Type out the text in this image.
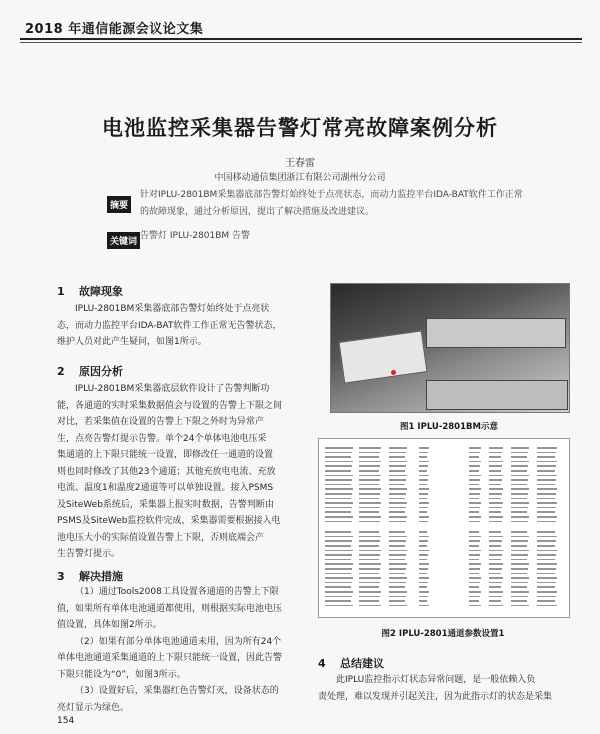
2018 年通信能源会议论文集
电池监控采集器告警灯常亮故障案例分析
王春雷
中国移动通信集团浙江有限公司湖州分公司
摘要
针对IPLU-2801BM采集器底部告警灯始终处于点亮状态，而动力监控平台IDA-BAT软件工作正常
的故障现象，通过分析原因，提出了解决措施及改进建议。
关键词
告警灯 IPLU-2801BM 告警
1 故障现象
IPLU-2801BM采集器底部告警灯始终处于点亮状
态，而动力监控平台IDA-BAT软件工作正常无告警状态，
维护人员对此产生疑问，如图1所示。
2 原因分析
IPLU-2801BM采集器底层软件设计了告警判断功
能，各通道的实时采集数据值会与设置的告警上下限之间
对比，若采集值在设置的告警上下限之外时为异常产
生，点亮告警灯提示告警。单个24个单体电池电压采
集通道的上下限只能统一设置，即修改任一通道的设置
则也同时修改了其他23个通道；其他充放电电流、充放
电流、温度1和温度2通道等可以单独设置。接入PSMS
及SiteWeb系统后，采集器上报实时数据，告警判断由
PSMS及SiteWeb监控软件完成，采集器需要根据接入电
池电压大小的实际值设置告警上下限，否则底端会产
生告警灯提示。
3 解决措施
（1）通过Tools2008工具设置各通道的告警上下限
值，如果所有单体电池通道都使用，则根据实际电池电压
值设置，具体如图2所示。
（2）如果有部分单体电池通道未用，因为所有24个
单体电池通道采集通道的上下限只能统一设置，因此告警
下限只能设为“0”，如图3所示。
（3）设置好后，采集器红色告警灯灭，设备状态的
亮灯显示为绿色。
图1 IPLU-2801BM示意
图2 IPLU-2801通道参数设置1
4 总结建议
此IPLU监控指示灯状态异常问题，是一般依赖入负
责处理，难以发现并引起关注，因为此指示灯的状态是采集
154
